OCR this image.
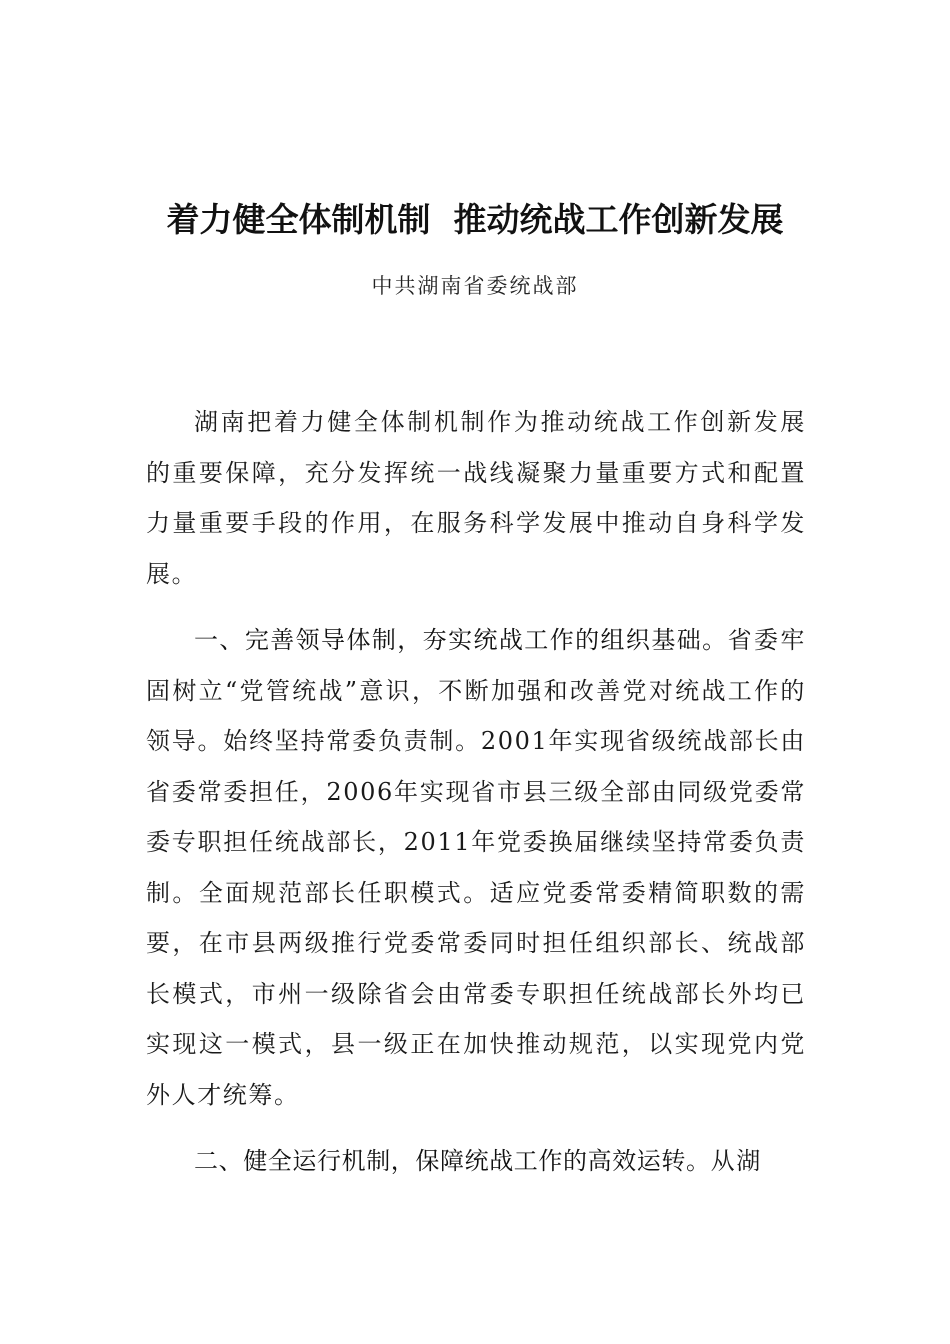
着力健全体制机制  推动统战工作创新发展
中共湖南省委统战部

湖南把着力健全体制机制作为推动统战工作创新发展的重要保障，充分发挥统一战线凝聚力量重要方式和配置力量重要手段的作用，在服务科学发展中推动自身科学发展。

一、完善领导体制，夯实统战工作的组织基础。省委牢固树立“党管统战”意识，不断加强和改善党对统战工作的领导。始终坚持常委负责制。2001年实现省级统战部长由省委常委担任，2006年实现省市县三级全部由同级党委常委专职担任统战部长，2011年党委换届继续坚持常委负责制。全面规范部长任职模式。适应党委常委精简职数的需要，在市县两级推行党委常委同时担任组织部长、统战部长模式，市州一级除省会由常委专职担任统战部长外均已实现这一模式，县一级正在加快推动规范，以实现党内党外人才统筹。

二、健全运行机制，保障统战工作的高效运转。从湖
